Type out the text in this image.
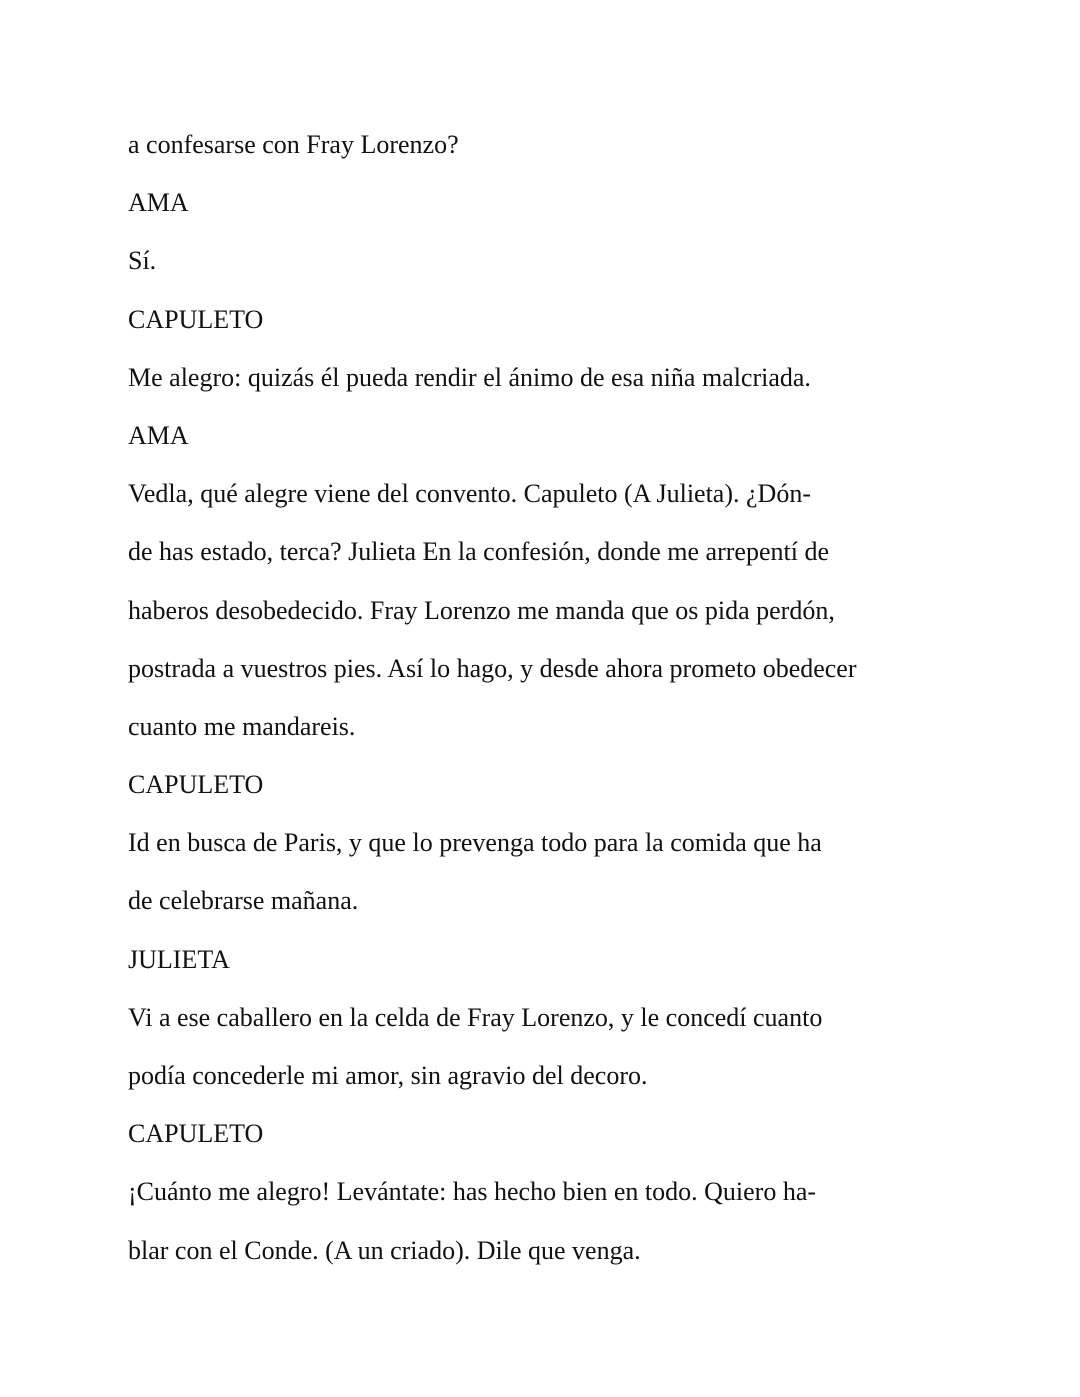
a confesarse con Fray Lorenzo?
AMA
Sí.
CAPULETO
Me alegro: quizás él pueda rendir el ánimo de esa niña malcriada.
AMA
Vedla, qué alegre viene del convento. Capuleto (A Julieta). ¿Dón-
de has estado, terca? Julieta En la confesión, donde me arrepentí de
haberos desobedecido. Fray Lorenzo me manda que os pida perdón,
postrada a vuestros pies. Así lo hago, y desde ahora prometo obedecer
cuanto me mandareis.
CAPULETO
Id en busca de Paris, y que lo prevenga todo para la comida que ha
de celebrarse mañana.
JULIETA
Vi a ese caballero en la celda de Fray Lorenzo, y le concedí cuanto
podía concederle mi amor, sin agravio del decoro.
CAPULETO
¡Cuánto me alegro! Levántate: has hecho bien en todo. Quiero ha-
blar con el Conde. (A un criado). Dile que venga.
